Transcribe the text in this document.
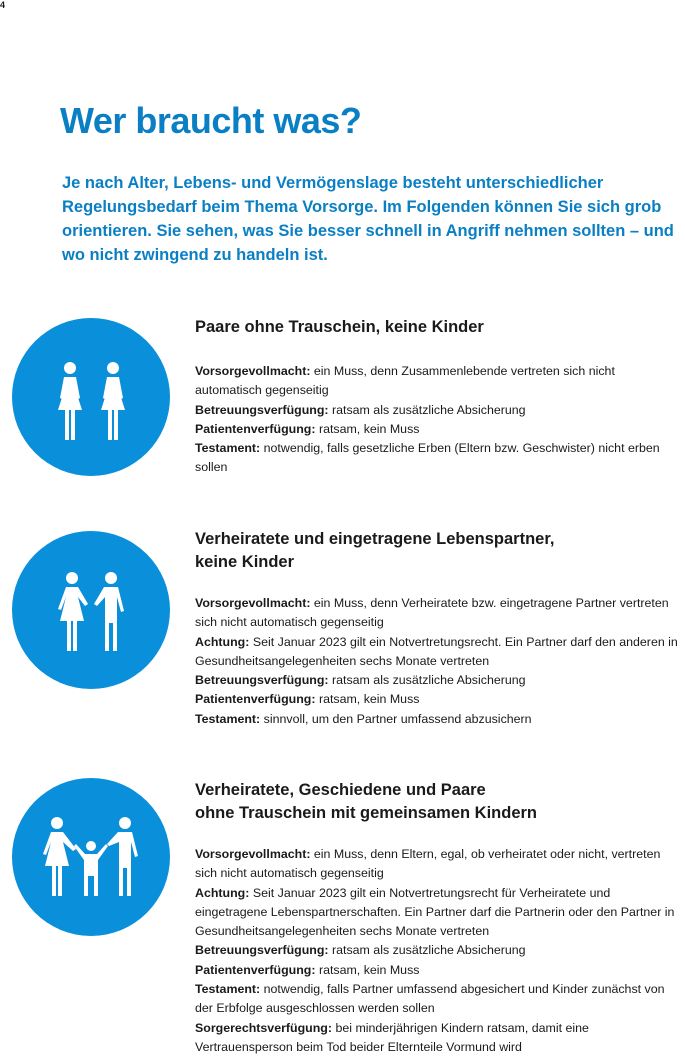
4
Wer braucht was?

Je nach Alter, Lebens- und Vermögenslage besteht unterschiedlicher Regelungsbedarf beim Thema Vorsorge. Im Folgenden können Sie sich grob orientieren. Sie sehen, was Sie besser schnell in Angriff nehmen sollten – und wo nicht zwingend zu handeln ist.

Paare ohne Trauschein, keine Kinder

Vorsorgevollmacht: ein Muss, denn Zusammenlebende vertreten sich nicht automatisch gegenseitig

Betreuungsverfügung: ratsam als zusätzliche Absicherung

Patientenverfügung: ratsam, kein Muss

Testament: notwendig, falls gesetzliche Erben (Eltern bzw. Geschwister) nicht erben sollen

Verheiratete und eingetragene Lebenspartner,
keine Kinder

Vorsorgevollmacht: ein Muss, denn Verheiratete bzw. eingetragene Partner vertreten sich nicht automatisch gegenseitig

Achtung: Seit Januar 2023 gilt ein Notvertretungsrecht. Ein Partner darf den anderen in Gesundheitsangelegenheiten sechs Monate vertreten

Betreuungsverfügung: ratsam als zusätzliche Absicherung

Patientenverfügung: ratsam, kein Muss

Testament: sinnvoll, um den Partner umfassend abzusichern

Verheiratete, Geschiedene und Paare
ohne Trauschein mit gemeinsamen Kindern

Vorsorgevollmacht: ein Muss, denn Eltern, egal, ob verheiratet oder nicht, vertreten sich nicht automatisch gegenseitig

Achtung: Seit Januar 2023 gilt ein Notvertretungsrecht für Verheiratete und eingetragene Lebenspartnerschaften. Ein Partner darf die Partnerin oder den Partner in Gesundheitsangelegenheiten sechs Monate vertreten

Betreuungsverfügung: ratsam als zusätzliche Absicherung

Patientenverfügung: ratsam, kein Muss

Testament: notwendig, falls Partner umfassend abgesichert und Kinder zunächst von der Erbfolge ausgeschlossen werden sollen

Sorgerechtsverfügung: bei minderjährigen Kindern ratsam, damit eine Vertrauensperson beim Tod beider Elternteile Vormund wird
